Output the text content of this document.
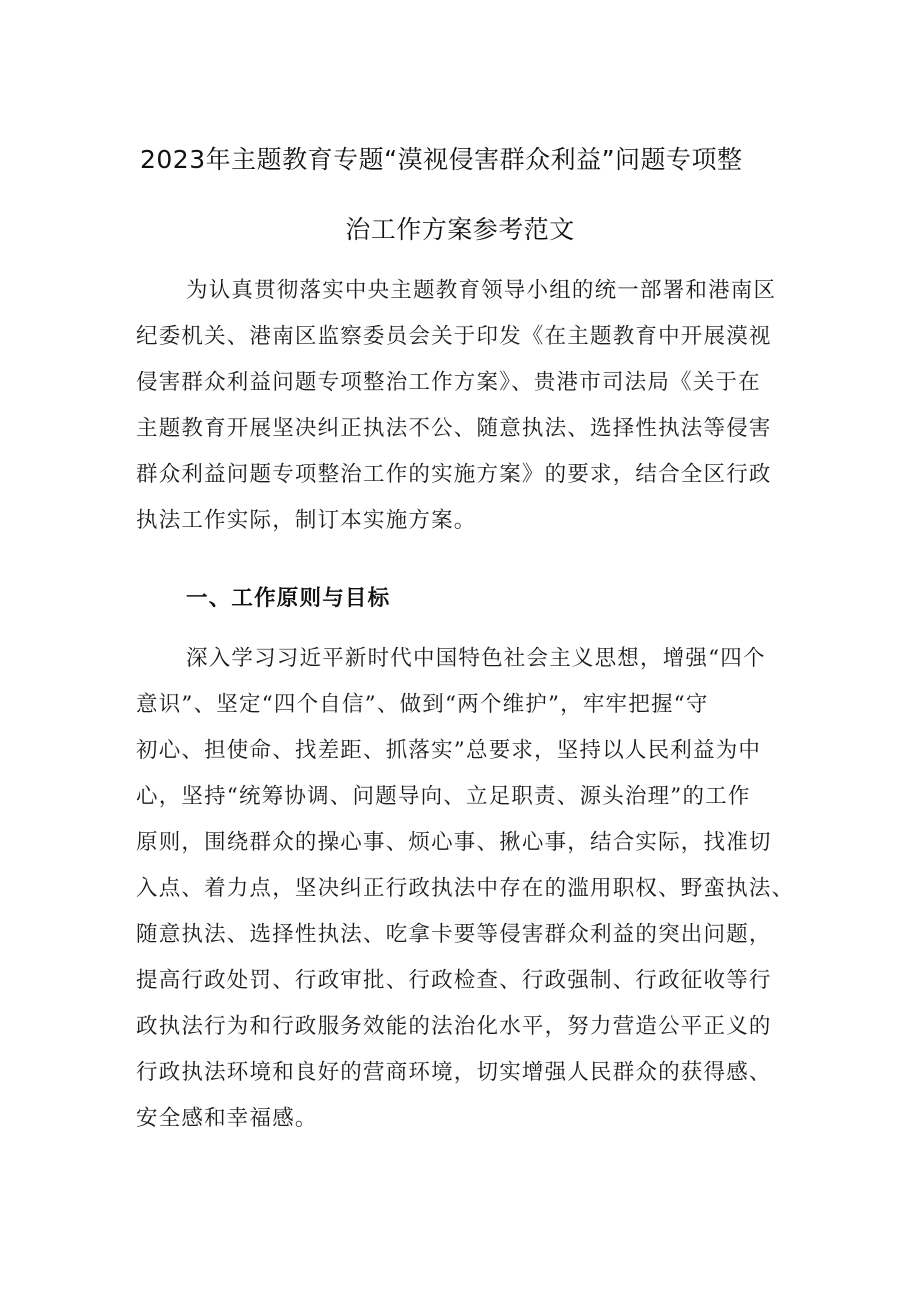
2023年主题教育专题“漠视侵害群众利益”问题专项整
治工作方案参考范文
为认真贯彻落实中央主题教育领导小组的统一部署和港南区
纪委机关、港南区监察委员会关于印发《在主题教育中开展漠视
侵害群众利益问题专项整治工作方案》、贵港市司法局《关于在
主题教育开展坚决纠正执法不公、随意执法、选择性执法等侵害
群众利益问题专项整治工作的实施方案》的要求，结合全区行政
执法工作实际，制订本实施方案。
一、工作原则与目标
深入学习习近平新时代中国特色社会主义思想，增强“四个
意识”、坚定“四个自信”、做到“两个维护”，牢牢把握“守
初心、担使命、找差距、抓落实”总要求，坚持以人民利益为中
心，坚持“统筹协调、问题导向、立足职责、源头治理”的工作
原则，围绕群众的操心事、烦心事、揪心事，结合实际，找准切
入点、着力点，坚决纠正行政执法中存在的滥用职权、野蛮执法、
随意执法、选择性执法、吃拿卡要等侵害群众利益的突出问题，
提高行政处罚、行政审批、行政检查、行政强制、行政征收等行
政执法行为和行政服务效能的法治化水平，努力营造公平正义的
行政执法环境和良好的营商环境，切实增强人民群众的获得感、
安全感和幸福感。
